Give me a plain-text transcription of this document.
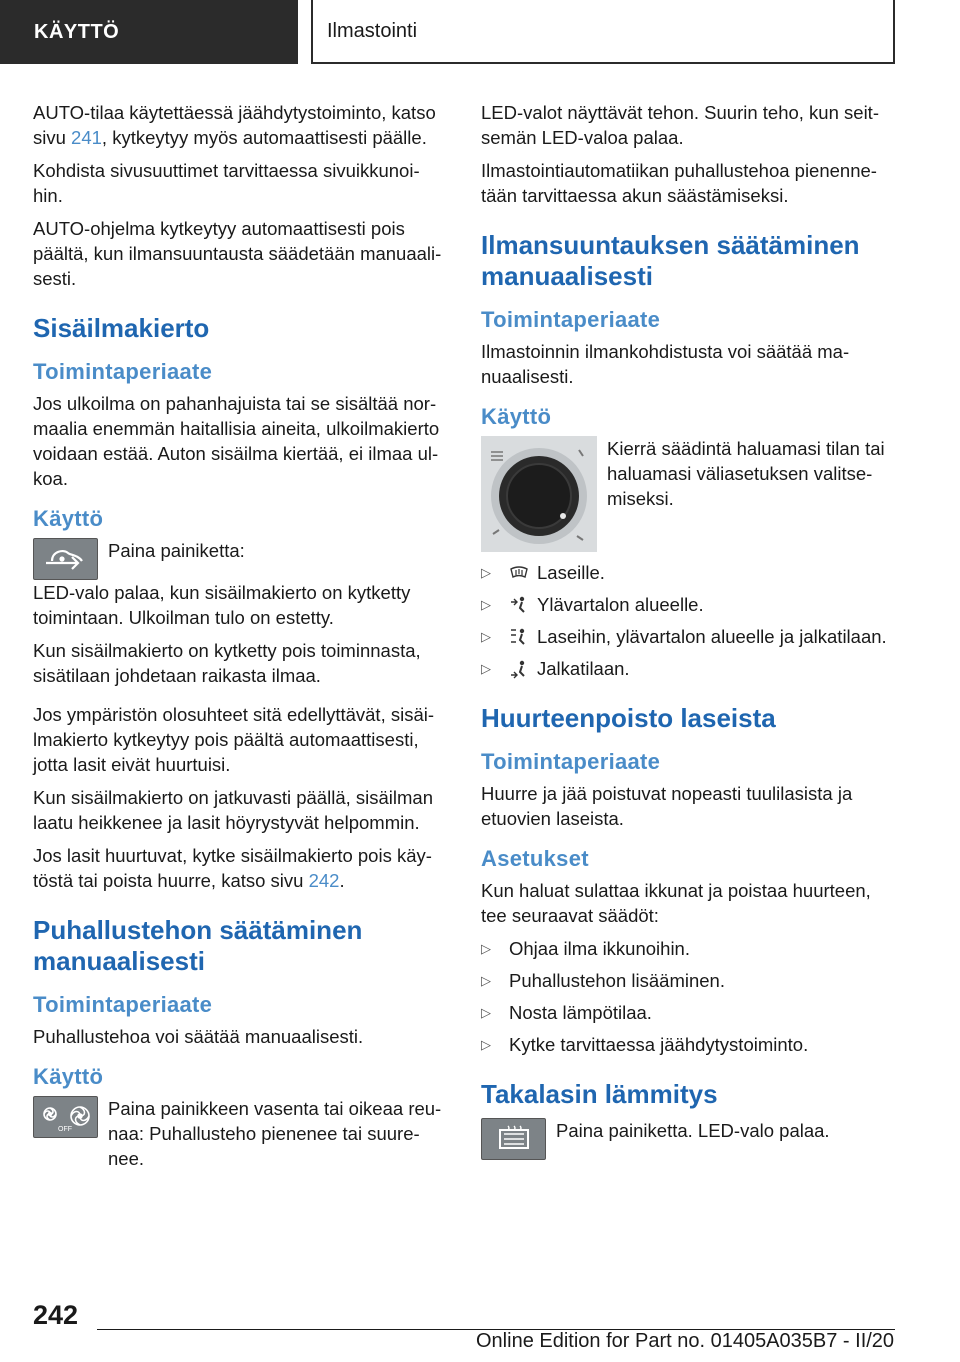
KÄYTTÖ	Ilmastointi

AUTO-tilaa käytettäessä jäähdytystoiminto, katso sivu 241, kytkeytyy myös automaattisesti päälle.

Kohdista sivusuuttimet tarvittaessa sivuikkunoi-hin.

AUTO-ohjelma kytkeytyy automaattisesti pois päältä, kun ilmansuuntausta säädetään manuaali-sesti.

Sisäilmakierto
Toimintaperiaate

Jos ulkoilma on pahanhajuista tai se sisältää nor-maalia enemmän haitallisia aineita, ulkoilmakierto voidaan estää. Auton sisäilma kiertää, ei ilmaa ul-koa.

Käyttö

Paina painiketta:

LED-valo palaa, kun sisäilmakierto on kytketty toimintaan. Ulkoilman tulo on estetty.

Kun sisäilmakierto on kytketty pois toiminnasta, sisätilaan johdetaan raikasta ilmaa.

Jos ympäristön olosuhteet sitä edellyttävät, sisäi-lmakierto kytkeytyy pois päältä automaattisesti, jotta lasit eivät huurtuisi.

Kun sisäilmakierto on jatkuvasti päällä, sisäilman laatu heikkenee ja lasit höyrystyvät helpommin.

Jos lasit huurtuvat, kytke sisäilmakierto pois käy-töstä tai poista huurre, katso sivu 242.

Puhallustehon säätäminen manuaalisesti
Toimintaperiaate

Puhallustehoa voi säätää manuaalisesti.

Käyttö
OFF

Paina painikkeen vasenta tai oikeaa reu-naa: Puhallusteho pienenee tai suure-nee.

LED-valot näyttävät tehon. Suurin teho, kun seit-semän LED-valoa palaa.

Ilmastointiautomatiikan puhallustehoa pienenne-tään tarvittaessa akun säästämiseksi.

Ilmansuuntauksen säätäminen manuaalisesti
Toimintaperiaate

Ilmastoinnin ilmankohdistusta voi säätää ma-nuaalisesti.

Käyttö

Kierrä säädintä haluamasi tilan tai haluamasi väliasetuksen valitse-miseksi.

▷	Laseille.
▷	Ylävartalon alueelle.
▷	Laseihin, ylävartalon alueelle ja jalkatilaan.
▷	Jalkatilaan.
Huurteenpoisto laseista
Toimintaperiaate

Huurre ja jää poistuvat nopeasti tuulilasista ja etuovien laseista.

Asetukset

Kun haluat sulattaa ikkunat ja poistaa huurteen, tee seuraavat säädöt:

▷ Ohjaa ilma ikkunoihin.
▷ Puhallustehon lisääminen.
▷ Nosta lämpötilaa.
▷ Kytke tarvittaessa jäähdytystoiminto.
Takalasin lämmitys

Paina painiketta. LED-valo palaa.

242
Online Edition for Part no. 01405A035B7 - II/20
